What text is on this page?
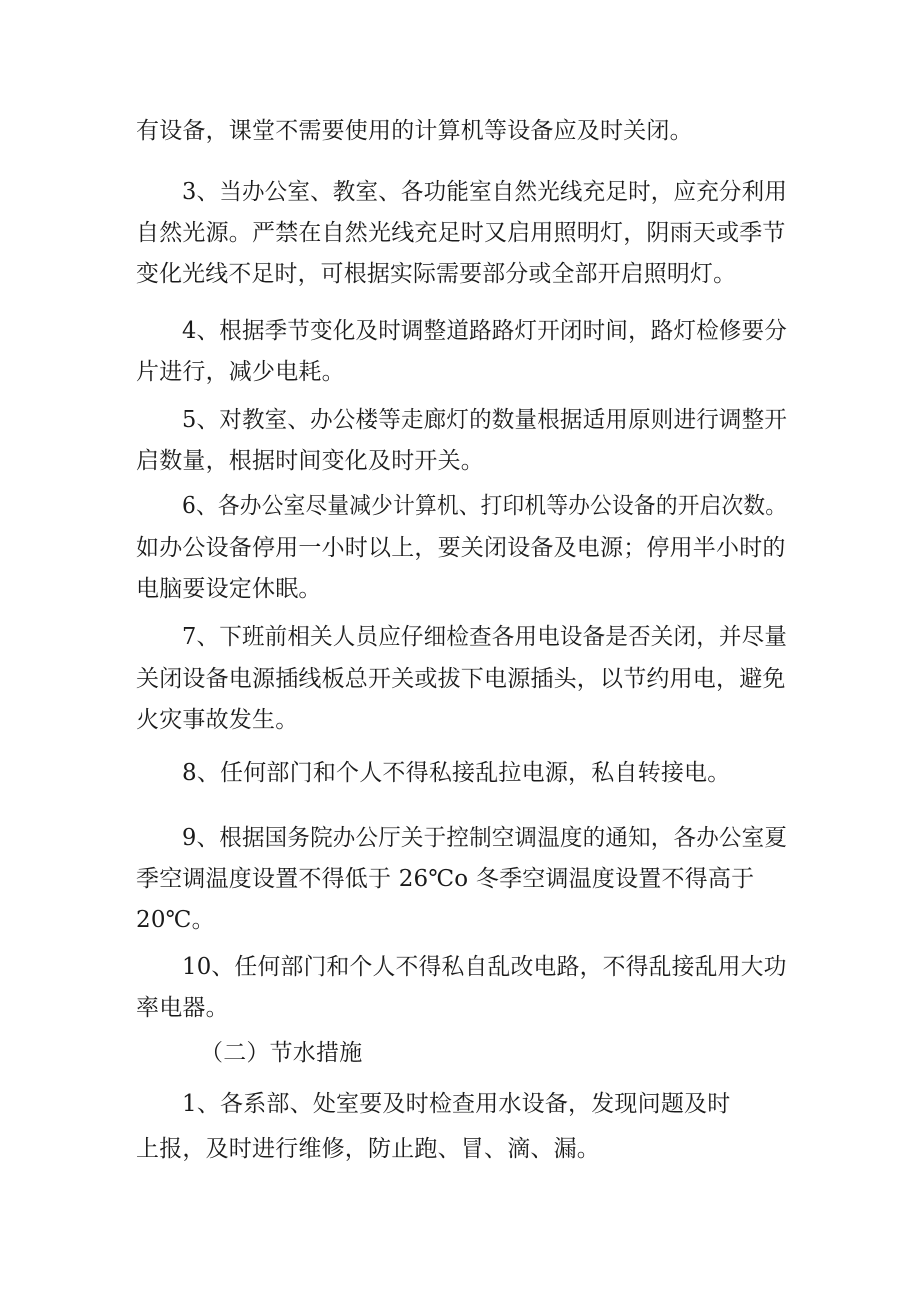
有设备，课堂不需要使用的计算机等设备应及时关闭。
3、当办公室、教室、各功能室自然光线充足时，应充分利用
自然光源。严禁在自然光线充足时又启用照明灯，阴雨天或季节
变化光线不足时，可根据实际需要部分或全部开启照明灯。
4、根据季节变化及时调整道路路灯开闭时间，路灯检修要分
片进行，减少电耗。
5、对教室、办公楼等走廊灯的数量根据适用原则进行调整开
启数量，根据时间变化及时开关。
6、各办公室尽量减少计算机、打印机等办公设备的开启次数。
如办公设备停用一小时以上，要关闭设备及电源；停用半小时的
电脑要设定休眠。
7、下班前相关人员应仔细检查各用电设备是否关闭，并尽量
关闭设备电源插线板总开关或拔下电源插头，以节约用电，避免
火灾事故发生。
8、任何部门和个人不得私接乱拉电源，私自转接电。
9、根据国务院办公厅关于控制空调温度的通知，各办公室夏
季空调温度设置不得低于 26℃o 冬季空调温度设置不得高于
20℃。
10、任何部门和个人不得私自乱改电路，不得乱接乱用大功
率电器。
（二）节水措施
1、各系部、处室要及时检查用水设备，发现问题及时
上报，及时进行维修，防止跑、冒、滴、漏。
